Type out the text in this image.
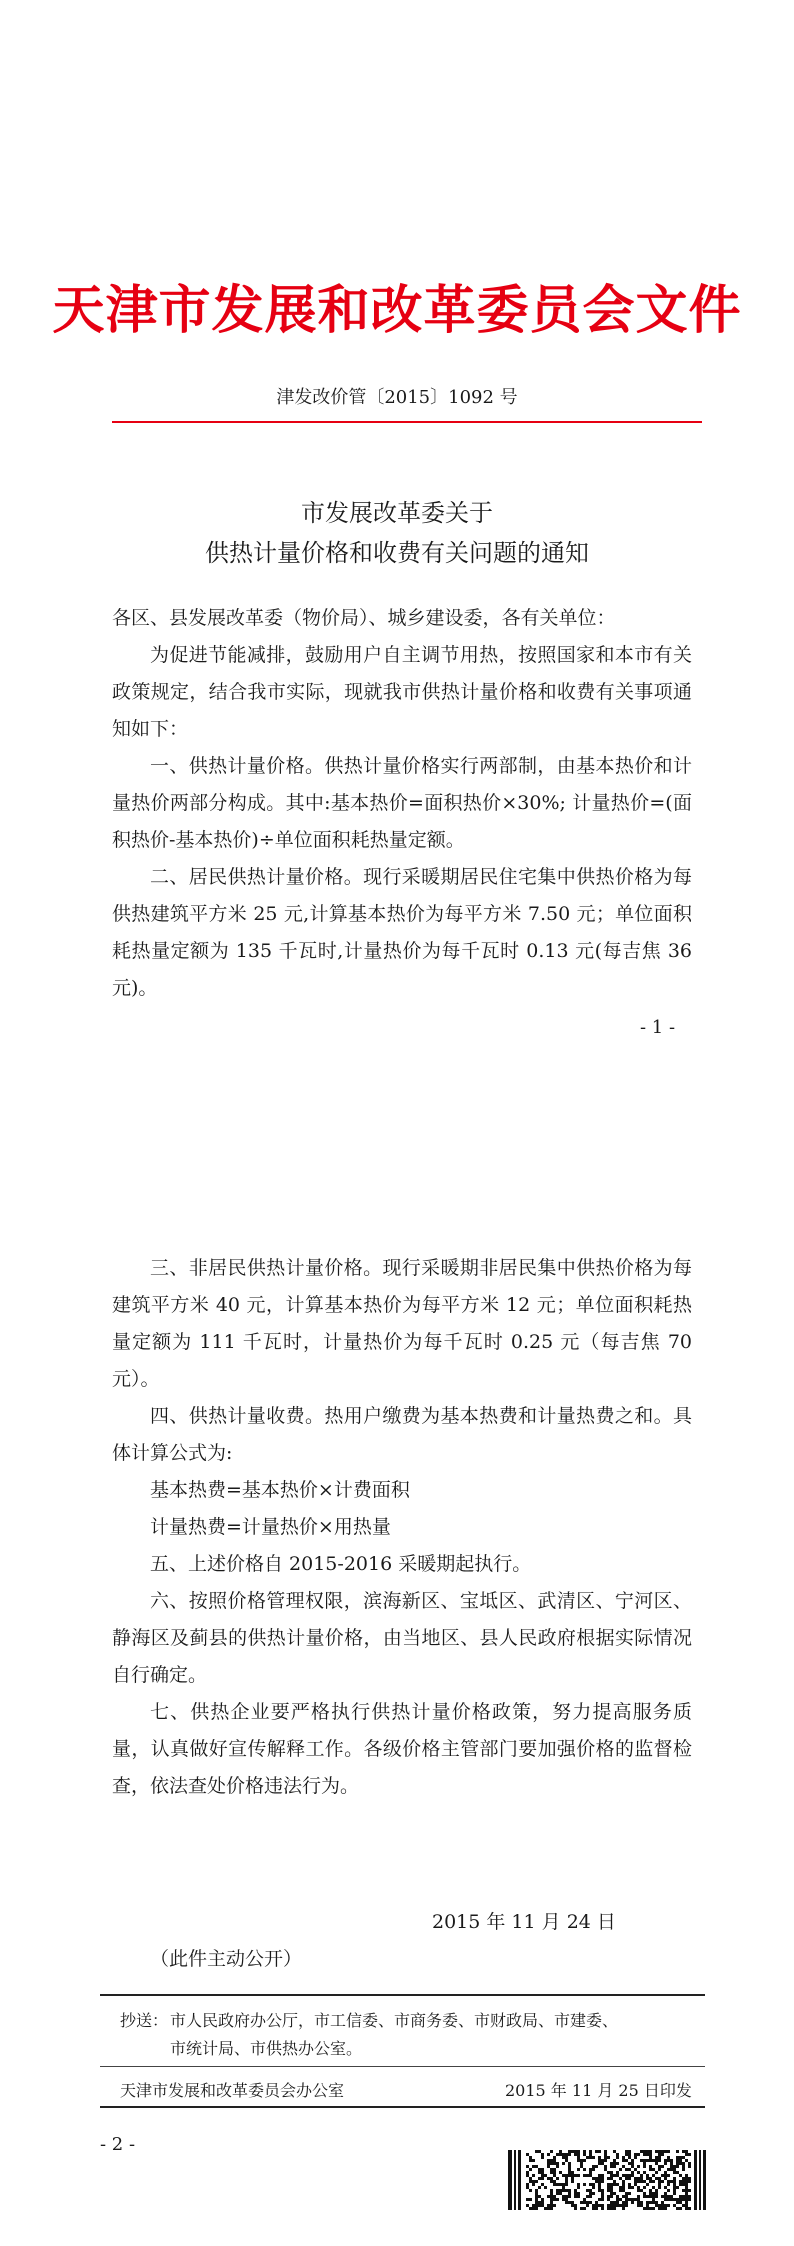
天津市发展和改革委员会文件
津发改价管〔2015〕1092 号
市发展改革委关于
供热计量价格和收费有关问题的通知
各区、县发展改革委（物价局）、城乡建设委，各有关单位：
为促进节能减排，鼓励用户自主调节用热，按照国家和本市有关政策规定，结合我市实际，现就我市供热计量价格和收费有关事项通知如下：
一、供热计量价格。供热计量价格实行两部制，由基本热价和计量热价两部分构成。其中:基本热价=面积热价×30%; 计量热价=(面积热价-基本热价)÷单位面积耗热量定额。
二、居民供热计量价格。现行采暖期居民住宅集中供热价格为每供热建筑平方米 25 元,计算基本热价为每平方米 7.50 元；单位面积耗热量定额为 135 千瓦时,计量热价为每千瓦时 0.13 元(每吉焦 36 元)。
- 1 -
三、非居民供热计量价格。现行采暖期非居民集中供热价格为每建筑平方米 40 元，计算基本热价为每平方米 12 元；单位面积耗热量定额为 111 千瓦时，计量热价为每千瓦时 0.25 元（每吉焦 70 元）。
四、供热计量收费。热用户缴费为基本热费和计量热费之和。具体计算公式为:
基本热费=基本热价×计费面积
计量热费=计量热价×用热量
五、上述价格自 2015-2016 采暖期起执行。
六、按照价格管理权限，滨海新区、宝坻区、武清区、宁河区、静海区及蓟县的供热计量价格，由当地区、县人民政府根据实际情况自行确定。
七、供热企业要严格执行供热计量价格政策，努力提高服务质量，认真做好宣传解释工作。各级价格主管部门要加强价格的监督检查，依法查处价格违法行为。
2015 年 11 月 24 日
（此件主动公开）
抄送： 市人民政府办公厅，市工信委、市商务委、市财政局、市建委、
市统计局、市供热办公室。
天津市发展和改革委员会办公室	2015 年 11 月 25 日印发
- 2 -
